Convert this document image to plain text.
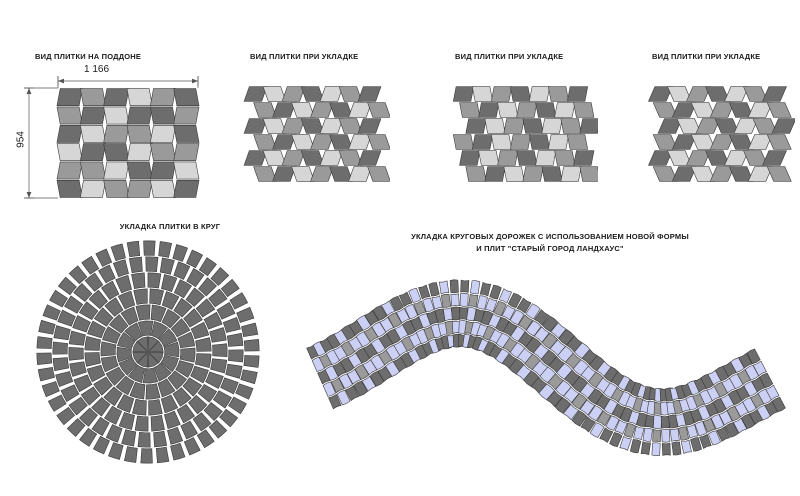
ВИД ПЛИТКИ НА ПОДДОНЕ
1 166
954
ВИД ПЛИТКИ ПРИ УКЛАДКЕ	ВИД ПЛИТКИ ПРИ УКЛАДКЕ	ВИД ПЛИТКИ ПРИ УКЛАДКЕ
УКЛАДКА ПЛИТКИ В КРУГ
УКЛАДКА КРУГОВЫХ ДОРОЖЕК С ИСПОЛЬЗОВАНИЕМ НОВОЙ ФОРМЫ
И ПЛИТ "СТАРЫЙ ГОРОД ЛАНДХАУС"
